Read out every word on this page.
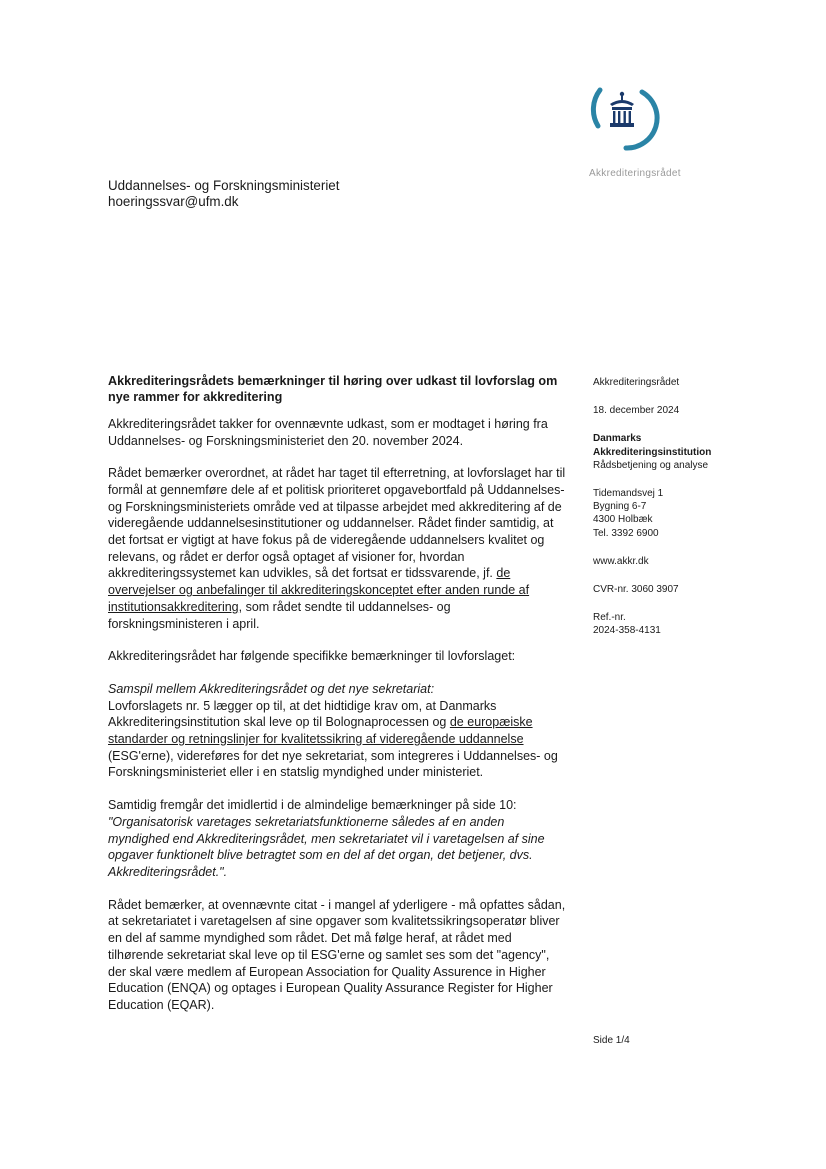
Akkrediteringsrådet
Uddannelses- og Forskningsministeriet
hoeringssvar@ufm.dk
Akkrediteringsrådets bemærkninger til høring over udkast til lovforslag om nye rammer for akkreditering

Akkrediteringsrådet takker for ovennævnte udkast, som er modtaget i høring fra Uddannelses- og Forskningsministeriet den 20. november 2024.

Rådet bemærker overordnet, at rådet har taget til efterretning, at lovforslaget har til formål at gennemføre dele af et politisk prioriteret opgavebortfald på Uddannelses- og Forskningsministeriets område ved at tilpasse arbejdet med akkreditering af de videregående uddannelsesinstitutioner og uddannelser. Rådet finder samtidig, at det fortsat er vigtigt at have fokus på de videregående uddannelsers kvalitet og relevans, og rådet er derfor også optaget af visioner for, hvordan akkrediteringssystemet kan udvikles, så det fortsat er tidssvarende, jf. de overvejelser og anbefalinger til akkrediteringskonceptet efter anden runde af institutionsakkreditering, som rådet sendte til uddannelses- og forskningsministeren i april.

Akkrediteringsrådet har følgende specifikke bemærkninger til lovforslaget:

Samspil mellem Akkrediteringsrådet og det nye sekretariat:

Lovforslagets nr. 5 lægger op til, at det hidtidige krav om, at Danmarks Akkrediteringsinstitution skal leve op til Bolognaprocessen og de europæiske standarder og retningslinjer for kvalitetssikring af videregående uddannelse (ESG'erne), videreføres for det nye sekretariat, som integreres i Uddannelses- og Forskningsministeriet eller i en statslig myndighed under ministeriet.

Samtidig fremgår det imidlertid i de almindelige bemærkninger på side 10: "Organisatorisk varetages sekretariatsfunktionerne således af en anden myndighed end Akkrediteringsrådet, men sekretariatet vil i varetagelsen af sine opgaver funktionelt blive betragtet som en del af det organ, det betjener, dvs. Akkrediteringsrådet.".

Rådet bemærker, at ovennævnte citat - i mangel af yderligere - må opfattes sådan, at sekretariatet i varetagelsen af sine opgaver som kvalitetssikringsoperatør bliver en del af samme myndighed som rådet. Det må følge heraf, at rådet med tilhørende sekretariat skal leve op til ESG'erne og samlet ses som det "agency", der skal være medlem af European Association for Quality Assurence in Higher Education (ENQA) og optages i European Quality Assurance Register for Higher Education (EQAR).

Akkrediteringsrådet
18. december 2024
Danmarks
Akkrediteringsinstitution
Rådsbetjening og analyse
Tidemandsvej 1
Bygning 6-7
4300 Holbæk
Tel. 3392 6900
www.akkr.dk
CVR-nr. 3060 3907
Ref.-nr.
2024-358-4131
Side 1/4
